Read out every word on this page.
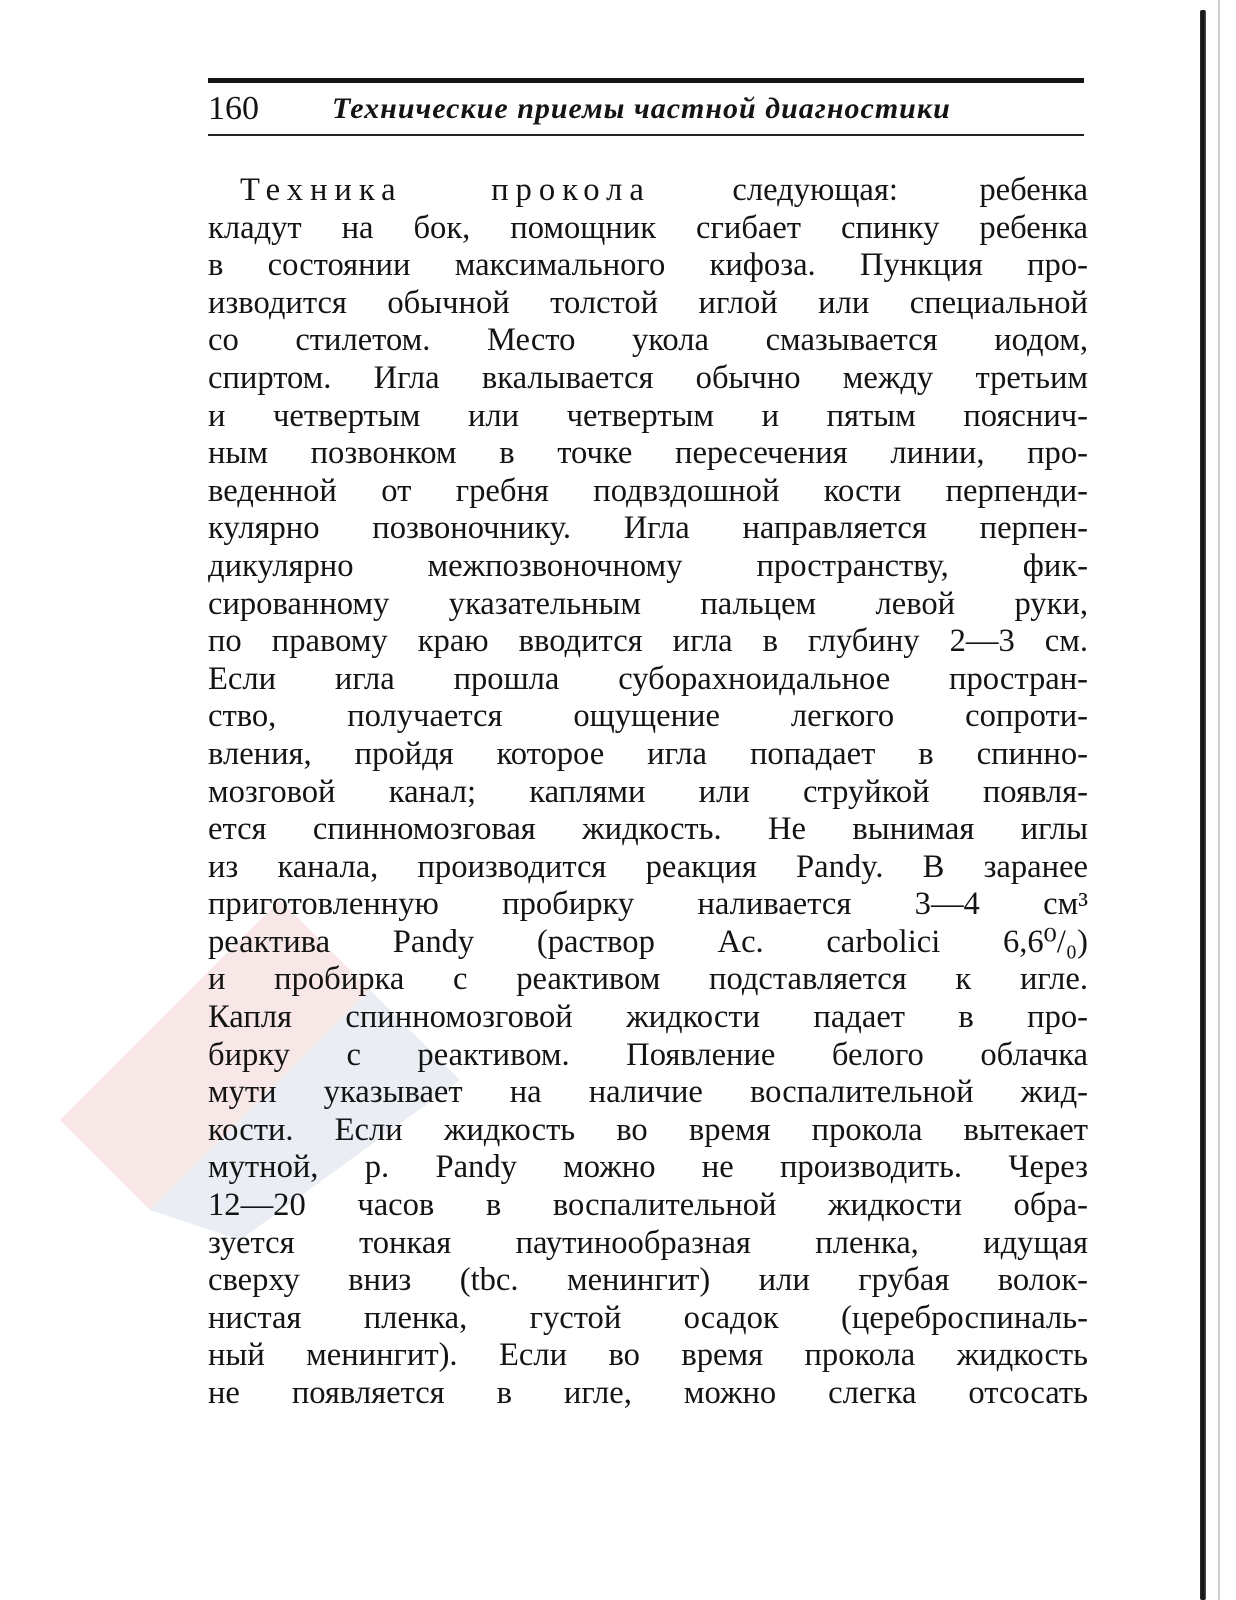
160 Технические приемы частной диагностики
Техника прокола следующая: ребенка
кладут на бок, помощник сгибает спинку ребенка
в состоянии максимального кифоза. Пункция про-
изводится обычной толстой иглой или специальной
со стилетом. Место укола смазывается иодом,
спиртом. Игла вкалывается обычно между третьим
и четвертым или четвертым и пятым пояснич-
ным позвонком в точке пересечения линии, про-
веденной от гребня подвздошной кости перпенди-
кулярно позвоночнику. Игла направляется перпен-
дикулярно межпозвоночному пространству, фик-
сированному указательным пальцем левой руки,
по правому краю вводится игла в глубину 2—3 см.
Если игла прошла суборахноидальное простран-
ство, получается ощущение легкого сопроти-
вления, пройдя которое игла попадает в спинно-
мозговой канал; каплями или струйкой появля-
ется спинномозговая жидкость. Не вынимая иглы
из канала, производится реакция Pandy. В заранее
приготовленную пробирку наливается 3—4 см³
реактива Pandy (раствор Ac. carbolici 6,6⁰/₀)
и пробирка с реактивом подставляется к игле.
Капля спинномозговой жидкости падает в про-
бирку с реактивом. Появление белого облачка
мути указывает на наличие воспалительной жид-
кости. Если жидкость во время прокола вытекает
мутной, р. Pandy можно не производить. Через
12—20 часов в воспалительной жидкости обра-
зуется тонкая паутинообразная пленка, идущая
сверху вниз (tbc. менингит) или грубая волок-
нистая пленка, густой осадок (цереброспиналь-
ный менингит). Если во время прокола жидкость
не появляется в игле, можно слегка отсосать
